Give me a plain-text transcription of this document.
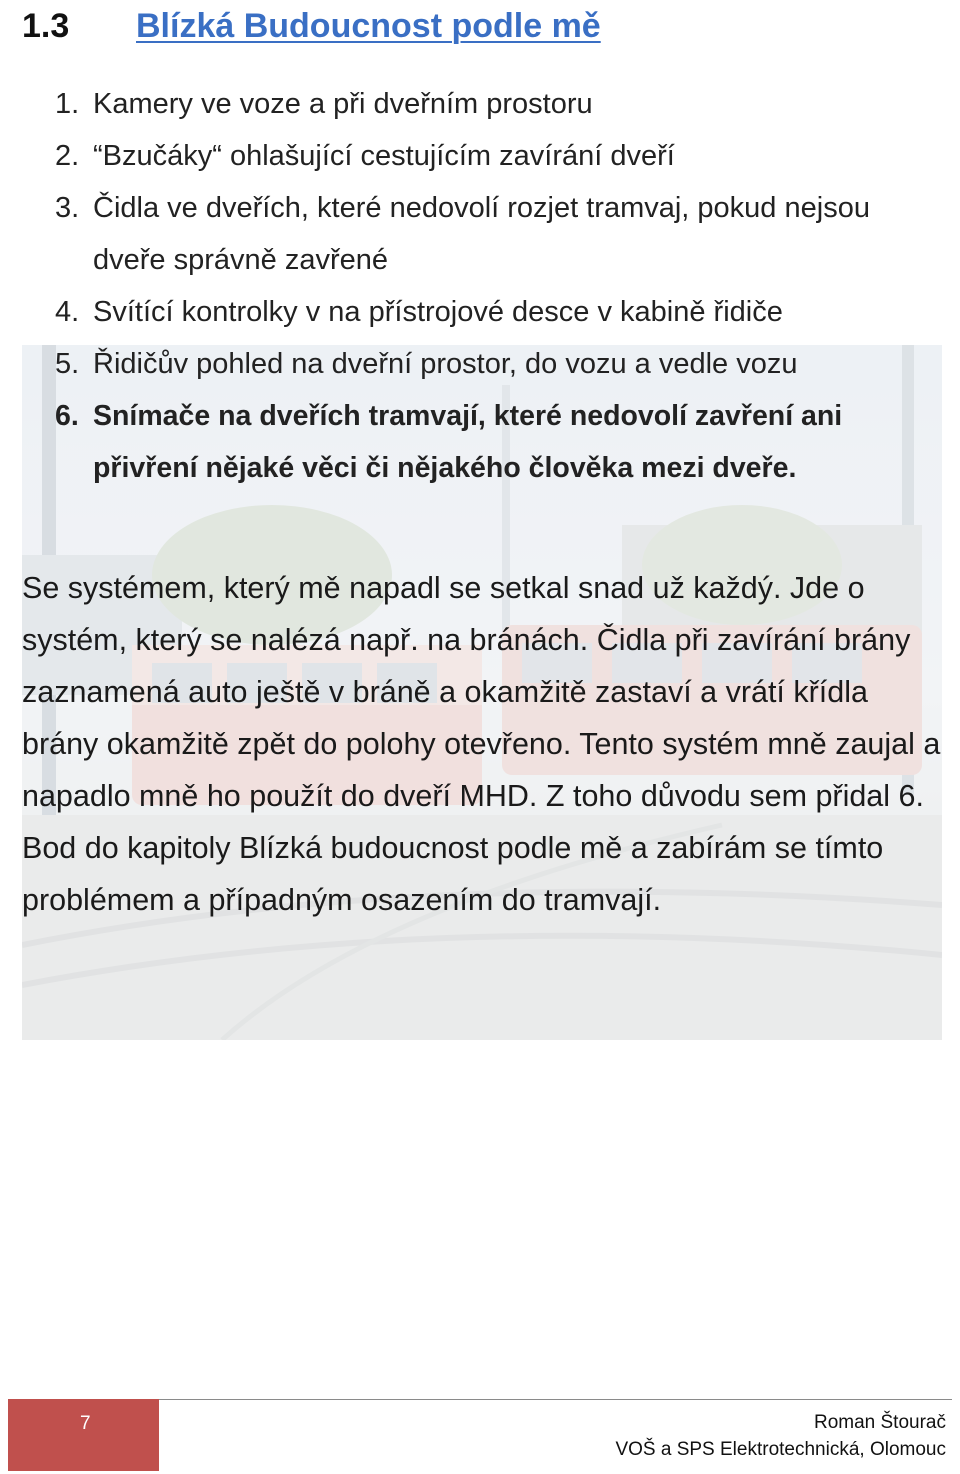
1.3	Blízká Budoucnost podle mě
1. Kamery ve voze a při dveřním prostoru
2. “Bzučáky“ ohlašující cestujícím zavírání dveří
3. Čidla ve dveřích, které nedovolí rozjet tramvaj, pokud nejsou dveře správně zavřené
4. Svítící kontrolky v na přístrojové desce v kabině řidiče
5. Řidičův pohled na dveřní prostor, do vozu a vedle vozu
6. Snímače na dveřích tramvají, které nedovolí zavření ani přivření nějaké věci či nějakého člověka mezi dveře.

Se systémem, který mě napadl se setkal snad už každý. Jde o systém, který se nalézá např. na bránách. Čidla při zavírání brány zaznamená auto ještě v bráně a okamžitě zastaví a vrátí křídla brány okamžitě zpět do polohy otevřeno. Tento systém mně zaujal a napadlo mně ho použít do dveří MHD. Z toho důvodu sem přidal 6. Bod do kapitoly Blízká budoucnost podle mě a zabírám se tímto problémem a případným osazením do tramvají.

7	Roman Štourač
VOŠ a SPS Elektrotechnická, Olomouc
